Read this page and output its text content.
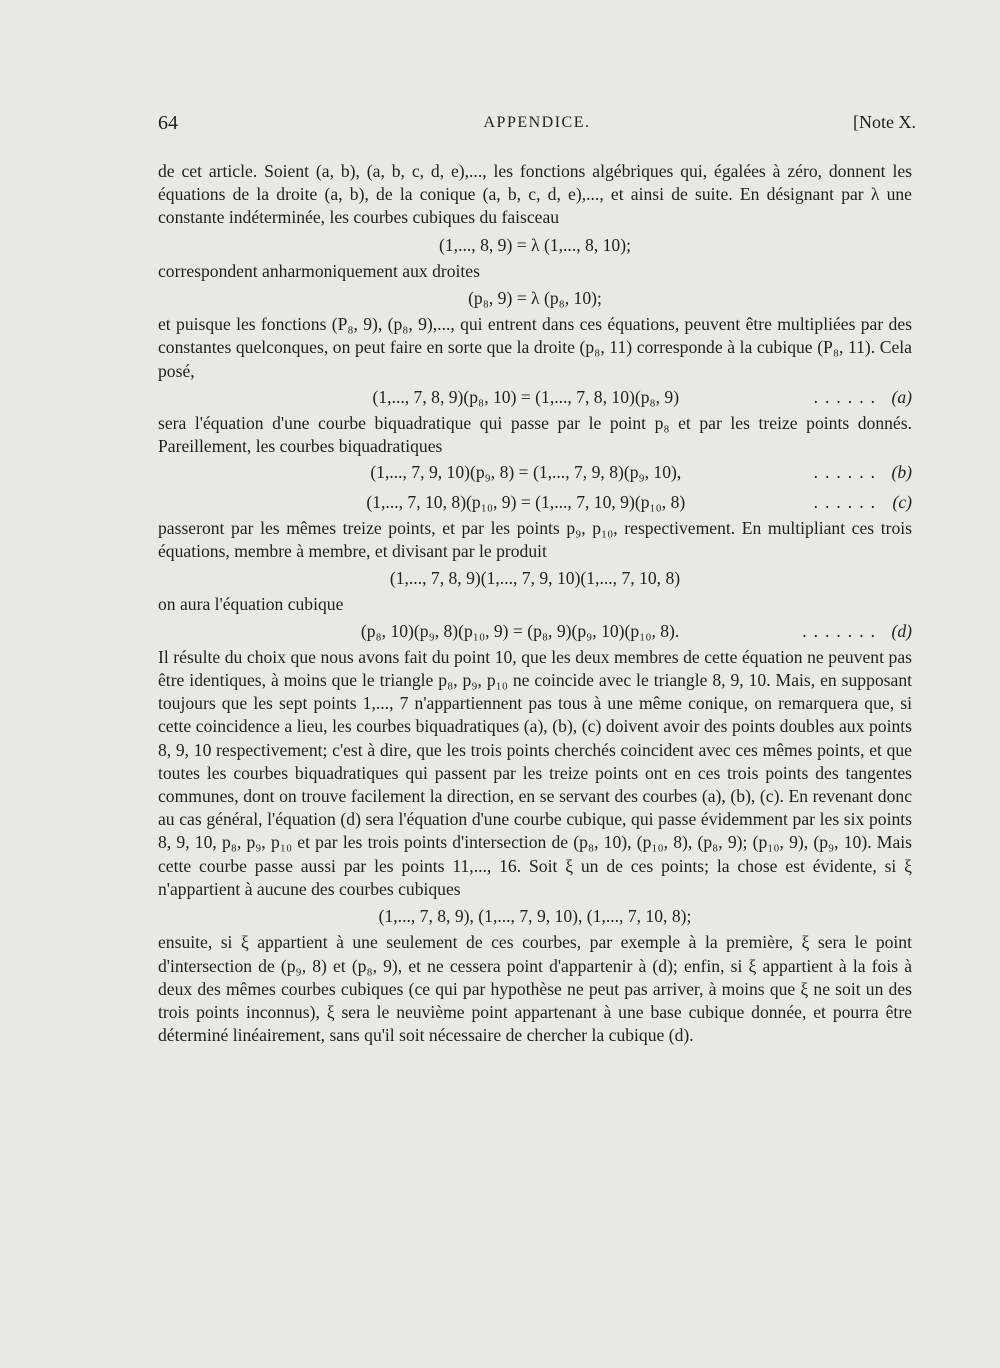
64	APPENDICE.	[Note X.

de cet article. Soient (a, b), (a, b, c, d, e),..., les fonctions algébriques qui, égalées à zéro, donnent les équations de la droite (a, b), de la conique (a, b, c, d, e),..., et ainsi de suite. En désignant par λ une constante indéterminée, les courbes cubiques du faisceau

(1,..., 8, 9) = λ (1,..., 8, 10);

correspondent anharmoniquement aux droites

(p₈, 9) = λ (p₈, 10);

et puisque les fonctions (P₈, 9), (p₈, 9),..., qui entrent dans ces équations, peuvent être multipliées par des constantes quelconques, on peut faire en sorte que la droite (p₈, 11) corresponde à la cubique (P₈, 11). Cela posé,

(1,..., 7, 8, 9)(p₈, 10) = (1,..., 7, 8, 10)(p₈, 9)	...... (a)

sera l'équation d'une courbe biquadratique qui passe par le point p₈ et par les treize points donnés. Pareillement, les courbes biquadratiques

(1,..., 7, 9, 10)(p₉, 8) = (1,..., 7, 9, 8)(p₉, 10),	...... (b)
(1,..., 7, 10, 8)(p₁₀, 9) = (1,..., 7, 10, 9)(p₁₀, 8)	...... (c)

passeront par les mêmes treize points, et par les points p₉, p₁₀, respectivement. En multipliant ces trois équations, membre à membre, et divisant par le produit

(1,..., 7, 8, 9)(1,..., 7, 9, 10)(1,..., 7, 10, 8)

on aura l'équation cubique

(p₈, 10)(p₉, 8)(p₁₀, 9) = (p₈, 9)(p₉, 10)(p₁₀, 8).	....... (d)

Il résulte du choix que nous avons fait du point 10, que les deux membres de cette équation ne peuvent pas être identiques, à moins que le triangle p₈, p₉, p₁₀ ne coincide avec le triangle 8, 9, 10. Mais, en supposant toujours que les sept points 1,..., 7 n'appartiennent pas tous à une même conique, on remarquera que, si cette coincidence a lieu, les courbes biquadratiques (a), (b), (c) doivent avoir des points doubles aux points 8, 9, 10 respectivement; c'est à dire, que les trois points cherchés coincident avec ces mêmes points, et que toutes les courbes biquadratiques qui passent par les treize points ont en ces trois points des tangentes communes, dont on trouve facilement la direction, en se servant des courbes (a), (b), (c). En revenant donc au cas général, l'équation (d) sera l'équation d'une courbe cubique, qui passe évidemment par les six points 8, 9, 10, p₈, p₉, p₁₀ et par les trois points d'intersection de (p₈, 10), (p₁₀, 8), (p₈, 9); (p₁₀, 9), (p₉, 10). Mais cette courbe passe aussi par les points 11,..., 16. Soit ξ un de ces points; la chose est évidente, si ξ n'appartient à aucune des courbes cubiques

(1,..., 7, 8, 9), (1,..., 7, 9, 10), (1,..., 7, 10, 8);

ensuite, si ξ appartient à une seulement de ces courbes, par exemple à la première, ξ sera le point d'intersection de (p₉, 8) et (p₈, 9), et ne cessera point d'appartenir à (d); enfin, si ξ appartient à la fois à deux des mêmes courbes cubiques (ce qui par hypothèse ne peut pas arriver, à moins que ξ ne soit un des trois points inconnus), ξ sera le neuvième point appartenant à une base cubique donnée, et pourra être déterminé linéairement, sans qu'il soit nécessaire de chercher la cubique (d).
